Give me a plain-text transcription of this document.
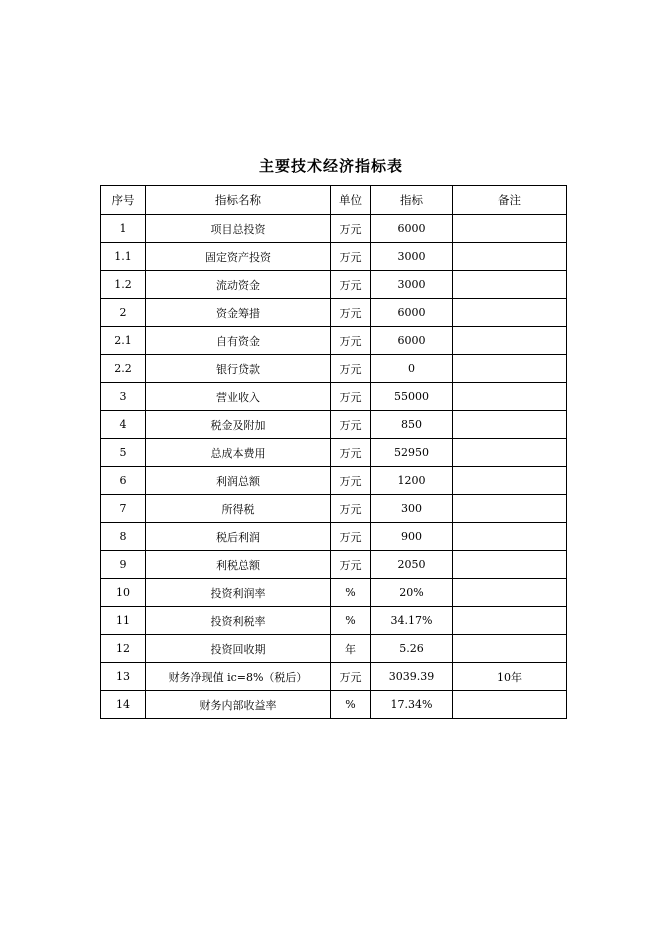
主要技术经济指标表
序号	指标名称	单位	指标	备注
1	项目总投资	万元	6000	
1.1	固定资产投资	万元	3000	
1.2	流动资金	万元	3000	
2	资金筹措	万元	6000	
2.1	自有资金	万元	6000	
2.2	银行贷款	万元	0	
3	营业收入	万元	55000	
4	税金及附加	万元	850	
5	总成本费用	万元	52950	
6	利润总额	万元	1200	
7	所得税	万元	300	
8	税后利润	万元	900	
9	利税总额	万元	2050	
10	投资利润率	%	20%	
11	投资利税率	%	34.17%	
12	投资回收期	年	5.26	
13	财务净现值 ic=8%（税后）	万元	3039.39	10年
14	财务内部收益率	%	17.34%	
